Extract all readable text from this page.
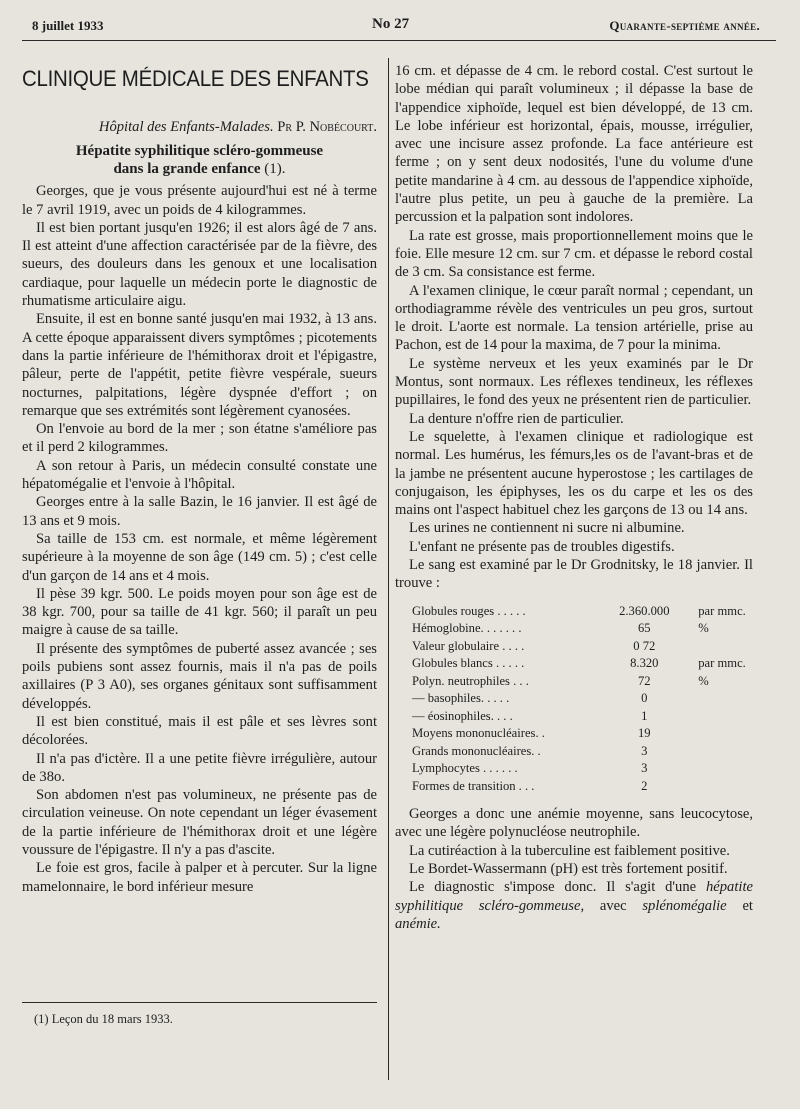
8 juillet 1933	No 27	Quarante-septième année.
CLINIQUE MÉDICALE DES ENFANTS
Hôpital des Enfants-Malades. Pr P. Nobécourt.
Hépatite syphilitique scléro-gommeuse
dans la grande enfance (1).

Georges, que je vous présente aujourd'hui est né à terme le 7 avril 1919, avec un poids de 4 kilogrammes.

Il est bien portant jusqu'en 1926; il est alors âgé de 7 ans. Il est atteint d'une affection caractérisée par de la fièvre, des sueurs, des douleurs dans les genoux et une localisation cardiaque, pour laquelle un médecin porte le diagnostic de rhumatisme articulaire aigu.

Ensuite, il est en bonne santé jusqu'en mai 1932, à 13 ans. A cette époque apparaissent divers symptômes ; picotements dans la partie inférieure de l'hémithorax droit et l'épigastre, pâleur, perte de l'appétit, petite fièvre vespérale, sueurs nocturnes, palpitations, légère dyspnée d'effort ; on remarque que ses extrémités sont légèrement cyanosées.

On l'envoie au bord de la mer ; son étatne s'améliore pas et il perd 2 kilogrammes.

A son retour à Paris, un médecin consulté constate une hépatomégalie et l'envoie à l'hôpital.

Georges entre à la salle Bazin, le 16 janvier. Il est âgé de 13 ans et 9 mois.

Sa taille de 153 cm. est normale, et même légèrement supérieure à la moyenne de son âge (149 cm. 5) ; c'est celle d'un garçon de 14 ans et 4 mois.

Il pèse 39 kgr. 500. Le poids moyen pour son âge est de 38 kgr. 700, pour sa taille de 41 kgr. 560; il paraît un peu maigre à cause de sa taille.

Il présente des symptômes de puberté assez avancée ; ses poils pubiens sont assez fournis, mais il n'a pas de poils axillaires (P 3 A0), ses organes génitaux sont suffisamment développés.

Il est bien constitué, mais il est pâle et ses lèvres sont décolorées.

Il n'a pas d'ictère. Il a une petite fièvre irrégulière, autour de 38o.

Son abdomen n'est pas volumineux, ne présente pas de circulation veineuse. On note cependant un léger évasement de la partie inférieure de l'hémithorax droit et une légère voussure de l'épigastre. Il n'y a pas d'ascite.

Le foie est gros, facile à palper et à percuter. Sur la ligne mamelonnaire, le bord inférieur mesure

(1) Leçon du 18 mars 1933.

16 cm. et dépasse de 4 cm. le rebord costal. C'est surtout le lobe médian qui paraît volumineux ; il dépasse la base de l'appendice xiphoïde, lequel est bien développé, de 13 cm. Le lobe inférieur est horizontal, épais, mousse, irrégulier, avec une incisure assez profonde. La face antérieure est ferme ; on y sent deux nodosités, l'une du volume d'une petite mandarine à 4 cm. au dessous de l'appendice xiphoïde, l'autre plus petite, un peu à gauche de la première. La percussion et la palpation sont indolores.

La rate est grosse, mais proportionnellement moins que le foie. Elle mesure 12 cm. sur 7 cm. et dépasse le rebord costal de 3 cm. Sa consistance est ferme.

A l'examen clinique, le cœur paraît normal ; cependant, un orthodiagramme révèle des ventricules un peu gros, surtout le droit. L'aorte est normale. La tension artérielle, prise au Pachon, est de 14 pour la maxima, de 7 pour la minima.

Le système nerveux et les yeux examinés par le Dr Montus, sont normaux. Les réflexes tendineux, les réflexes pupillaires, le fond des yeux ne présentent rien de particulier.

La denture n'offre rien de particulier.

Le squelette, à l'examen clinique et radiologique est normal. Les humérus, les fémurs,les os de l'avant-bras et de la jambe ne présentent aucune hyperostose ; les cartilages de conjugaison, les épiphyses, les os du carpe et les os des mains ont l'aspect habituel chez les garçons de 13 ou 14 ans.

Les urines ne contiennent ni sucre ni albumine.

L'enfant ne présente pas de troubles digestifs.

Le sang est examiné par le Dr Grodnitsky, le 18 janvier. Il trouve :

Globules rouges . . . . .	2.360.000	par mmc.
Hémoglobine. . . . . . .	65	%
Valeur globulaire . . . .	0 72	
Globules blancs . . . . .	8.320	par mmc.
Polyn. neutrophiles . . .	72	%
— basophiles. . . . .	0	
— éosinophiles. . . .	1	
Moyens mononucléaires. .	19	
Grands mononucléaires. .	3	
Lymphocytes . . . . . .	3	
Formes de transition . . .	2	

Georges a donc une anémie moyenne, sans leucocytose, avec une légère polynucléose neutrophile.

La cutiréaction à la tuberculine est faiblement positive.

Le Bordet-Wassermann (pH) est très fortement positif.

Le diagnostic s'impose donc. Il s'agit d'une hépatite syphilitique scléro-gommeuse, avec splénomégalie et anémie.
